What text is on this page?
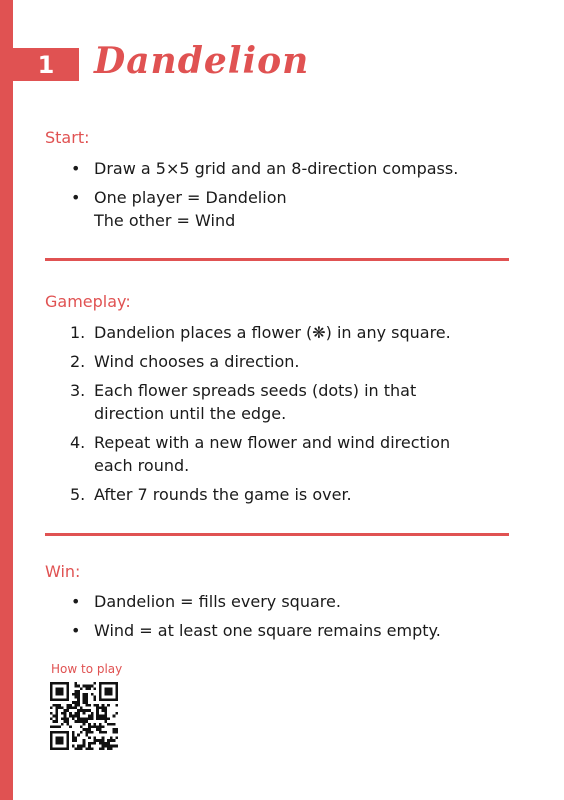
1 Dandelion
Start:
• Draw a 5×5 grid and an 8-direction compass.
• One player = Dandelion
The other = Wind
Gameplay:
1. Dandelion places a flower (❋) in any square.
2. Wind chooses a direction.
3. Each flower spreads seeds (dots) in that
direction until the edge.
4. Repeat with a new flower and wind direction
each round.
5. After 7 rounds the game is over.
Win:
• Dandelion = fills every square.
• Wind = at least one square remains empty.
How to play
